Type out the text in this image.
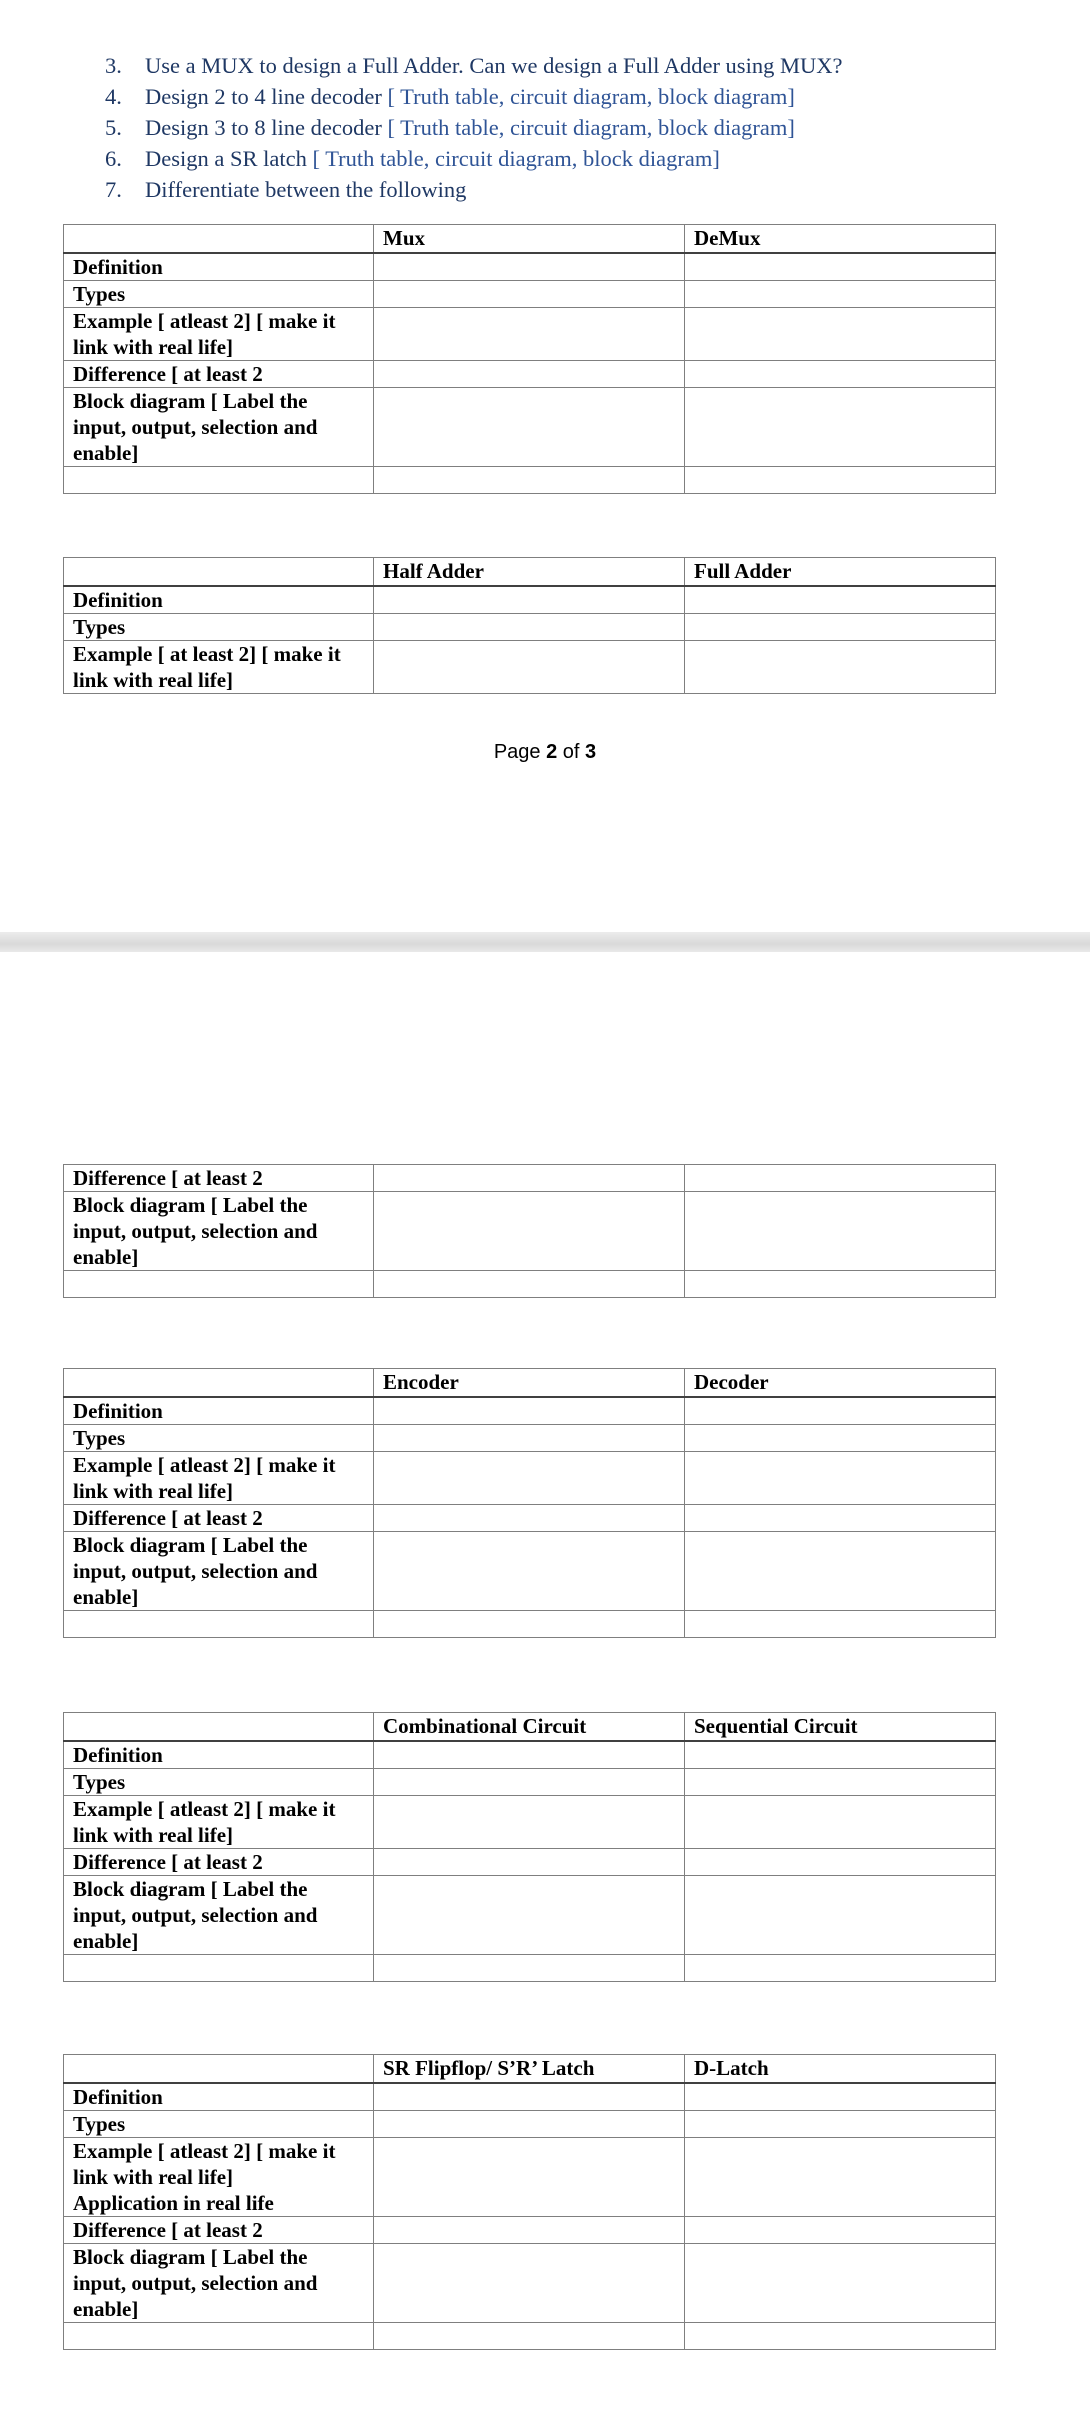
3.	Use a MUX to design a Full Adder. Can we design a Full Adder using MUX?
4.	Design 2 to 4 line decoder [ Truth table, circuit diagram, block diagram]
5.	Design 3 to 8 line decoder [ Truth table, circuit diagram, block diagram]
6.	Design a SR latch [ Truth table, circuit diagram, block diagram]
7.	Differentiate between the following
	Mux	DeMux
Definition		
Types		
Example [ atleast 2] [ make it link with real life]		
Difference [ at least 2		
Block diagram [ Label the input, output, selection and enable]		

	Half Adder	Full Adder
Definition		
Types		
Example [ at least 2] [ make it link with real life]		
Page 2 of 3
Difference [ at least 2		
Block diagram [ Label the input, output, selection and enable]		

	Encoder	Decoder
Definition		
Types		
Example [ atleast 2] [ make it link with real life]		
Difference [ at least 2		
Block diagram [ Label the input, output, selection and enable]		

	Combinational Circuit	Sequential Circuit
Definition		
Types		
Example [ atleast 2] [ make it link with real life]		
Difference [ at least 2		
Block diagram [ Label the input, output, selection and enable]		

	SR Flipflop/ S’R’ Latch	D-Latch
Definition		
Types		
Example [ atleast 2] [ make it link with real life]
Application in real life		
Difference [ at least 2		
Block diagram [ Label the input, output, selection and enable]		
